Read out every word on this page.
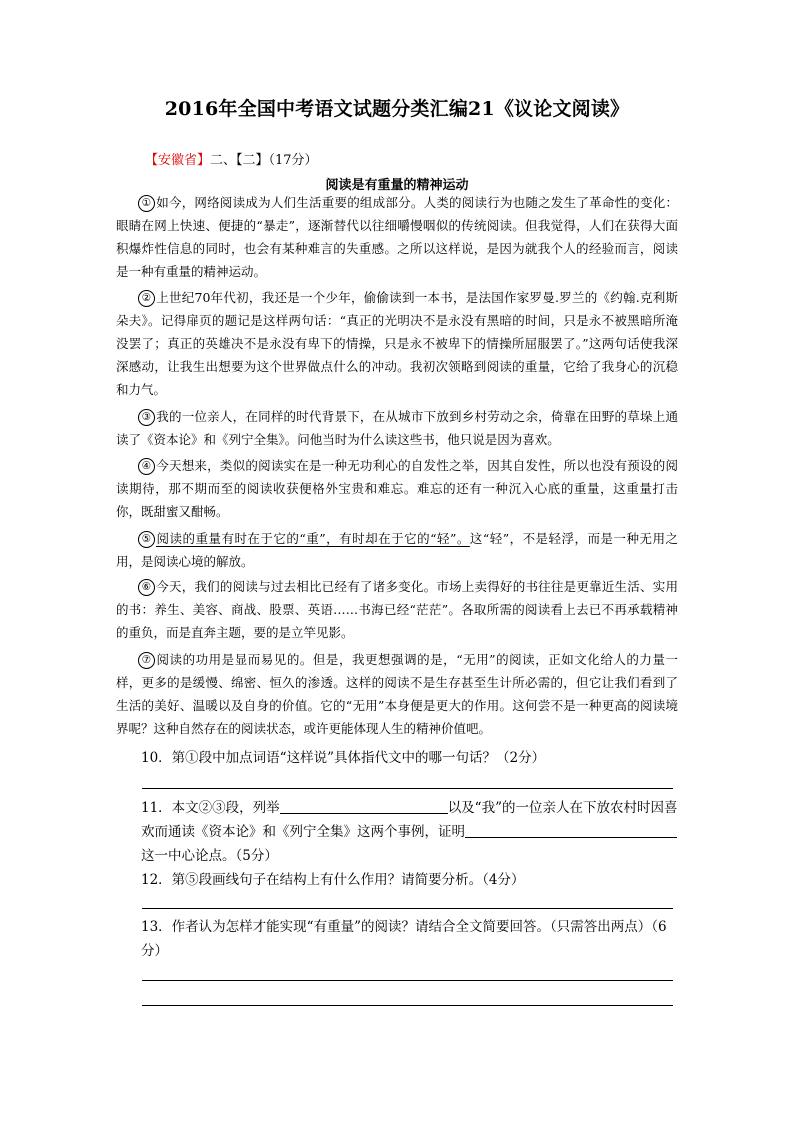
2016年全国中考语文试题分类汇编21《议论文阅读》
【安徽省】二、【二】（17分）
阅读是有重量的精神运动
① 如今，网络阅读成为人们生活重要的组成部分。人类的阅读行为也随之发生了革命性的变化：眼睛在网上快速、便捷的“暴走”，逐渐替代以往细嚼慢咽似的传统阅读。但我觉得，人们在获得大面积爆炸性信息的同时，也会有某种难言的失重感。之所以这样说，是因为就我个人的经验而言，阅读是一种有重量的精神运动。
② 上世纪70年代初，我还是一个少年，偷偷读到一本书，是法国作家罗曼.罗兰的《约翰.克利斯朵夫》。记得扉页的题记是这样两句话：“真正的光明决不是永没有黑暗的时间，只是永不被黑暗所淹没罢了；真正的英雄决不是永没有卑下的情操，只是永不被卑下的情操所屈服罢了。”这两句话使我深深感动，让我生出想要为这个世界做点什么的冲动。我初次领略到阅读的重量，它给了我身心的沉稳和力气。
③ 我的一位亲人，在同样的时代背景下，在从城市下放到乡村劳动之余，倚靠在田野的草垛上通读了《资本论》和《列宁全集》。问他当时为什么读这些书，他只说是因为喜欢。
④ 今天想来，类似的阅读实在是一种无功利心的自发性之举，因其自发性，所以也没有预设的阅读期待，那不期而至的阅读收获便格外宝贵和难忘。难忘的还有一种沉入心底的重量，这重量打击你，既甜蜜又酣畅。
⑤ 阅读的重量有时在于它的“重”，有时却在于它的“轻”。这“轻”，不是轻浮，而是一种无用之用，是阅读心境的解放。
⑥ 今天，我们的阅读与过去相比已经有了诸多变化。市场上卖得好的书往往是更靠近生活、实用的书：养生、美容、商战、股票、英语……书海已经“茫茫”。各取所需的阅读看上去已不再承载精神的重负，而是直奔主题，要的是立竿见影。
⑦ 阅读的功用是显而易见的。但是，我更想强调的是，“无用”的阅读，正如文化给人的力量一样，更多的是缓慢、绵密、恒久的渗透。这样的阅读不是生存甚至生计所必需的，但它让我们看到了生活的美好、温暖以及自身的价值。它的“无用”本身便是更大的作用。这何尝不是一种更高的阅读境界呢？这种自然存在的阅读状态，或许更能体现人生的精神价值吧。
10．第①段中加点词语“这样说”具体指代文中的哪一句话？（2分）
11．本文②③段，列举	以及“我”的一位亲人在下放农村时因喜欢而通读《资本论》和《列宁全集》这两个事例，证明这一中心论点。（5分）
12．第⑤段画线句子在结构上有什么作用？请简要分析。（4分）
13．作者认为怎样才能实现“有重量”的阅读？请结合全文简要回答。（只需答出两点）（6分）
